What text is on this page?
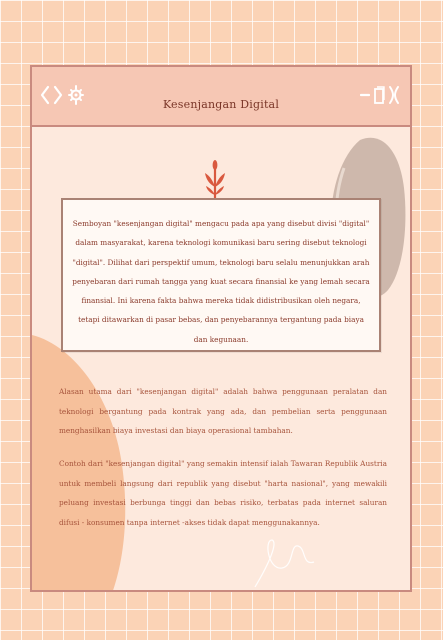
Kesenjangan Digital
Semboyan "kesenjangan digital" mengacu pada apa yang disebut divisi "digital" dalam masyarakat, karena teknologi komunikasi baru sering disebut teknologi "digital". Dilihat dari perspektif umum, teknologi baru selalu menunjukkan arah penyebaran dari rumah tangga yang kuat secara finansial ke yang lemah secara finansial. Ini karena fakta bahwa mereka tidak didistribusikan oleh negara, tetapi ditawarkan di pasar bebas, dan penyebarannya tergantung pada biaya dan kegunaan.
Alasan utama dari "kesenjangan digital" adalah bahwa penggunaan peralatan dan teknologi bergantung pada kontrak yang ada, dan pembelian serta penggunaan menghasilkan biaya investasi dan biaya operasional tambahan.
Contoh dari "kesenjangan digital" yang semakin intensif ialah Tawaran Republik Austria untuk membeli langsung dari republik yang disebut "harta nasional", yang mewakili peluang investasi berbunga tinggi dan bebas risiko, terbatas pada internet saluran difusi - konsumen tanpa internet -akses tidak dapat menggunakannya.
